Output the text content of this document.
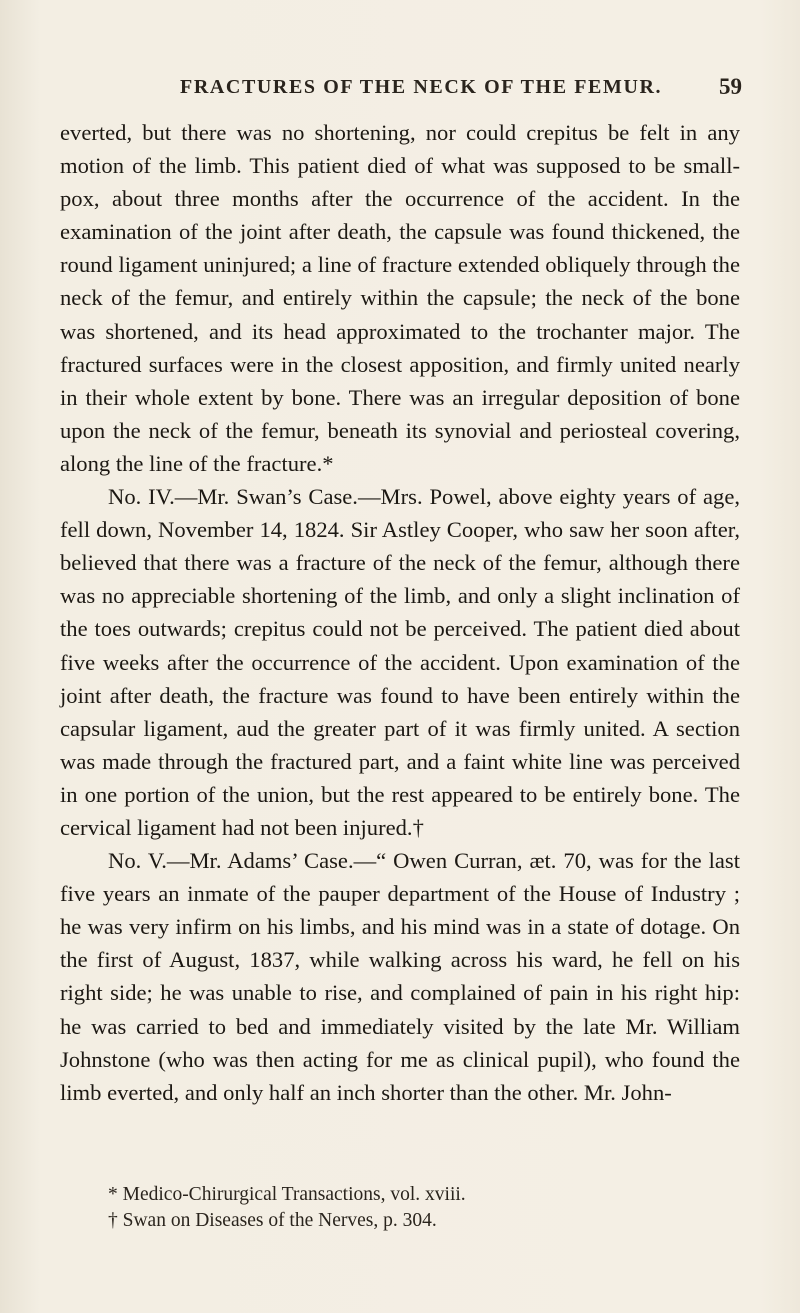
FRACTURES OF THE NECK OF THE FEMUR. 59

everted, but there was no shortening, nor could crepitus be felt in any motion of the limb. This patient died of what was supposed to be small-pox, about three months after the occurrence of the accident. In the examination of the joint after death, the capsule was found thickened, the round ligament uninjured; a line of fracture extended obliquely through the neck of the femur, and entirely within the capsule; the neck of the bone was shortened, and its head approximated to the trochanter major. The fractured surfaces were in the closest apposition, and firmly united nearly in their whole extent by bone. There was an irregular deposition of bone upon the neck of the femur, beneath its synovial and periosteal covering, along the line of the fracture.*

No. IV.—Mr. Swan’s Case.—Mrs. Powel, above eighty years of age, fell down, November 14, 1824. Sir Astley Cooper, who saw her soon after, believed that there was a fracture of the neck of the femur, although there was no appreciable shortening of the limb, and only a slight inclination of the toes outwards; crepitus could not be perceived. The patient died about five weeks after the occurrence of the accident. Upon examination of the joint after death, the fracture was found to have been entirely within the capsular ligament, aud the greater part of it was firmly united. A section was made through the fractured part, and a faint white line was perceived in one portion of the union, but the rest appeared to be entirely bone. The cervical ligament had not been injured.†

No. V.—Mr. Adams’ Case.—“ Owen Curran, æt. 70, was for the last five years an inmate of the pauper department of the House of Industry ; he was very infirm on his limbs, and his mind was in a state of dotage. On the first of August, 1837, while walking across his ward, he fell on his right side; he was unable to rise, and complained of pain in his right hip: he was carried to bed and immediately visited by the late Mr. William Johnstone (who was then acting for me as clinical pupil), who found the limb everted, and only half an inch shorter than the other. Mr. John-

* Medico-Chirurgical Transactions, vol. xviii.
† Swan on Diseases of the Nerves, p. 304.
